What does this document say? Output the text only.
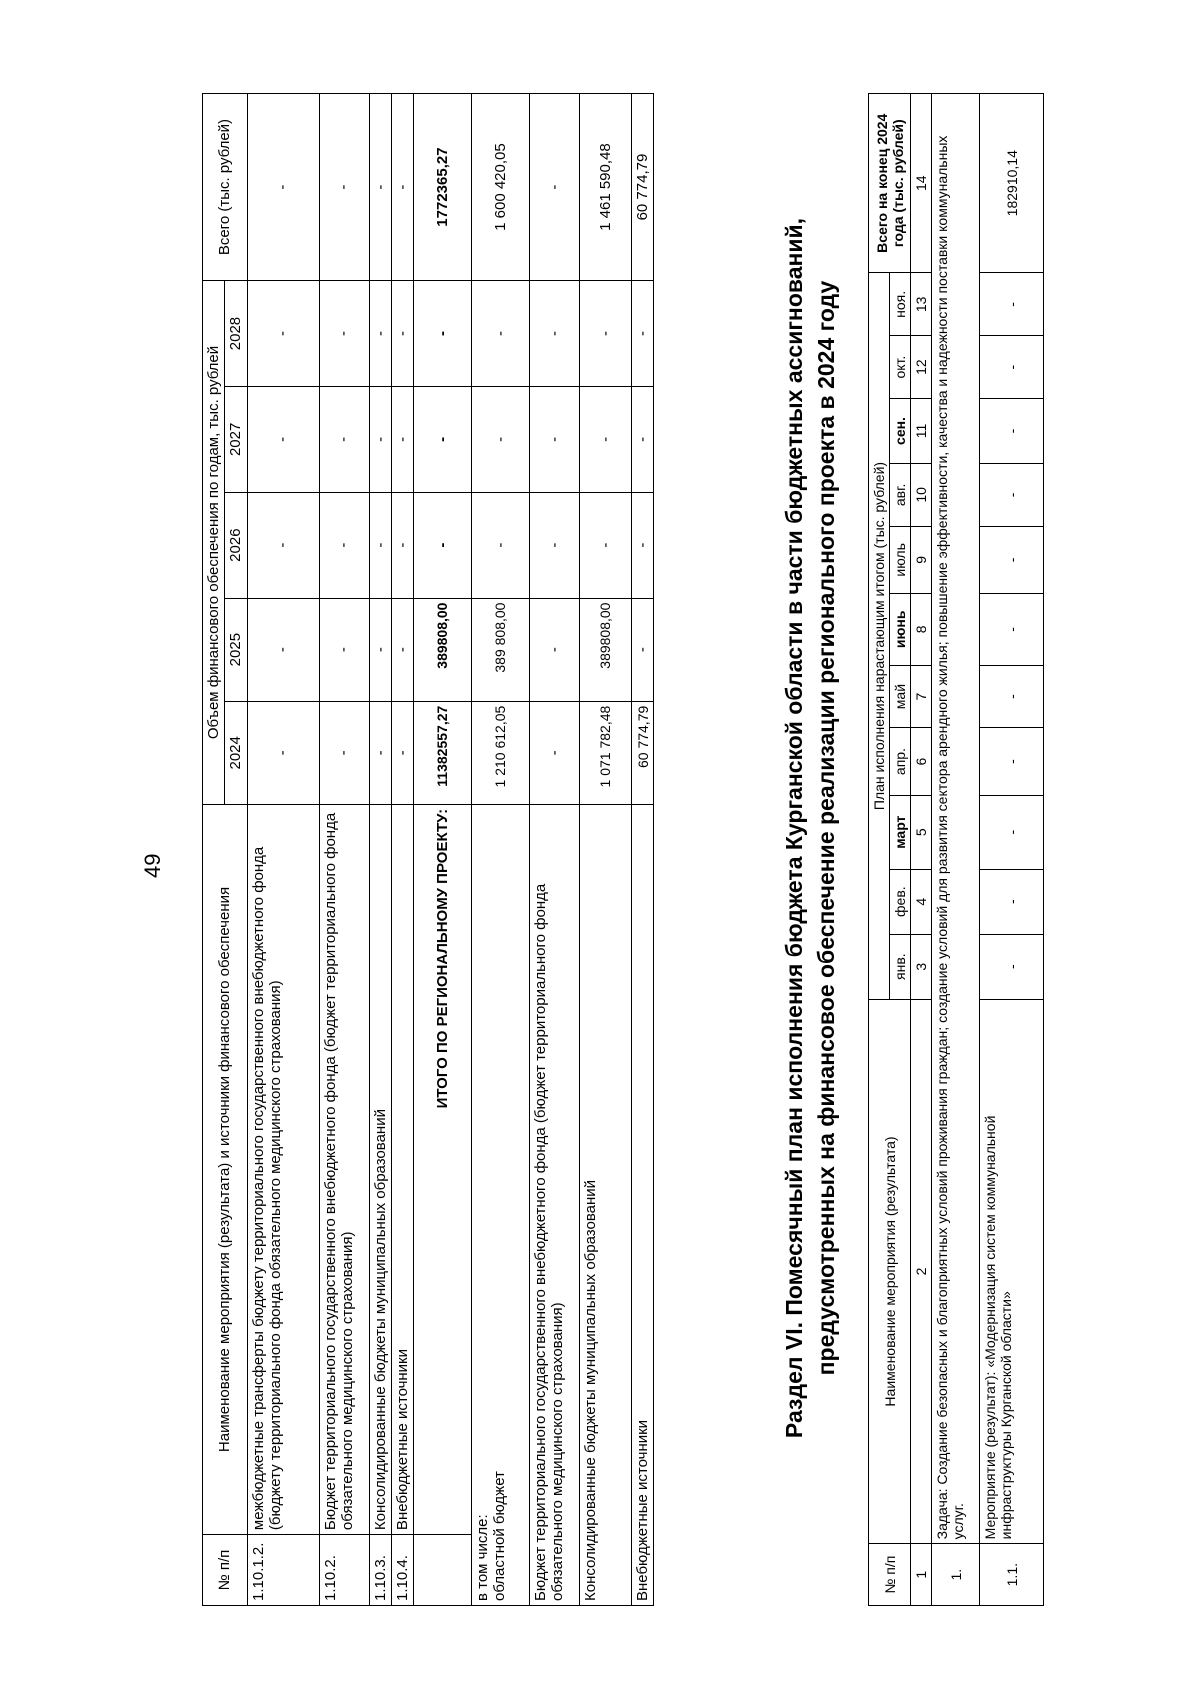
49
№ п/п	Наименование мероприятия (результата) и источники финансового обеспечения	Объем финансового обеспечения по годам, тыс. рублей					Всего (тыс. рублей)
		2024	2025	2026	2027	2028	
1.10.1.2.	межбюджетные трансферты бюджету территориального государственного внебюджетного фонда (бюджету территориального фонда обязательного медицинского страхования)	-	-	-	-	-	-
1.10.2.	Бюджет территориального государственного внебюджетного фонда (бюджет территориального фонда обязательного медицинского страхования)	-	-	-	-	-	-
1.10.3.	Консолидированные бюджеты муниципальных образований	-	-	-	-	-	-
1.10.4.	Внебюджетные источники	-	-	-	-	-	-
	ИТОГО ПО РЕГИОНАЛЬНОМУ ПРОЕКТУ:	11382557,27	389808,00	-	-	-	1772365,27
в том числе:
областной бюджет		1 210 612,05	389 808,00	-	-	-	1 600 420,05
Бюджет территориального государственного внебюджетного фонда (бюджет территориального фонда обязательного медицинского страхования)		-	-	-	-	-	-
Консолидированные бюджеты муниципальных образований		1 071 782,48	389808,00	-	-	-	1 461 590,48
Внебюджетные источники		60 774,79	-	-	-	-	60 774,79
Раздел VI. Помесячный план исполнения бюджета Курганской области в части бюджетных ассигнований, предусмотренных на финансовое обеспечение реализации регионального проекта в 2024 году
№ п/п	Наименование мероприятия (результата)	План исполнения нарастающим итогом (тыс. рублей)											Всего на конец 2024 года (тыс. рублей)
		янв.	фев.	март	апр.	май	июнь	июль	авг.	сен.	окт.	ноя.	
1	2	3	4	5	6	7	8	9	10	11	12	13	14
1.	Задача: Создание безопасных и благоприятных условий проживания граждан; создание условий для развития сектора арендного жилья; повышение эффективности, качества и надежности поставки коммунальных услуг.												
1.1.	Мероприятие (результат): «Модернизация систем коммунальной инфраструктуры Курганской области»	-	-	-	-	-	-	-	-	-	-	-	182910,14
